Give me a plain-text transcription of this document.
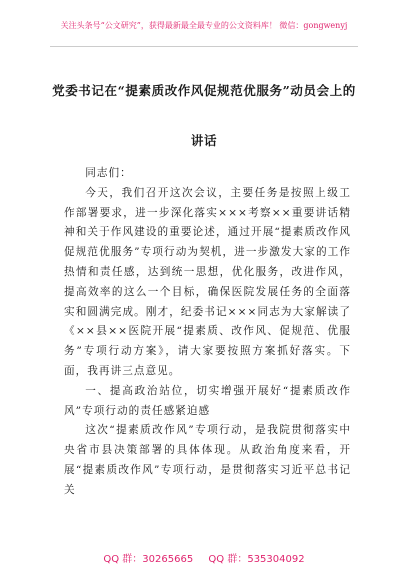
关注头条号“公文研究”，获得最新最全最专业的公文资料库！ 微信：gongwenyj
党委书记在“提素质改作风促规范优服务”动员会上的讲话

同志们：

今天，我们召开这次会议，主要任务是按照上级工作部署要求，进一步深化落实×××考察××重要讲话精神和关于作风建设的重要论述，通过开展“提素质改作风促规范优服务”专项行动为契机，进一步激发大家的工作热情和责任感，达到统一思想，优化服务，改进作风，提高效率的这么一个目标，确保医院发展任务的全面落实和圆满完成。刚才，纪委书记×××同志为大家解读了《××县××医院开展“提素质、改作风、促规范、优服务”专项行动方案》，请大家要按照方案抓好落实。下面，我再讲三点意见。

一、提高政治站位，切实增强开展好“提素质改作风”专项行动的责任感紧迫感

这次“提素质改作风”专项行动，是我院贯彻落实中央省市县决策部署的具体体现。从政治角度来看，开展“提素质改作风”专项行动，是贯彻落实习近平总书记关

QQ 群：30265665 QQ 群：535304092
